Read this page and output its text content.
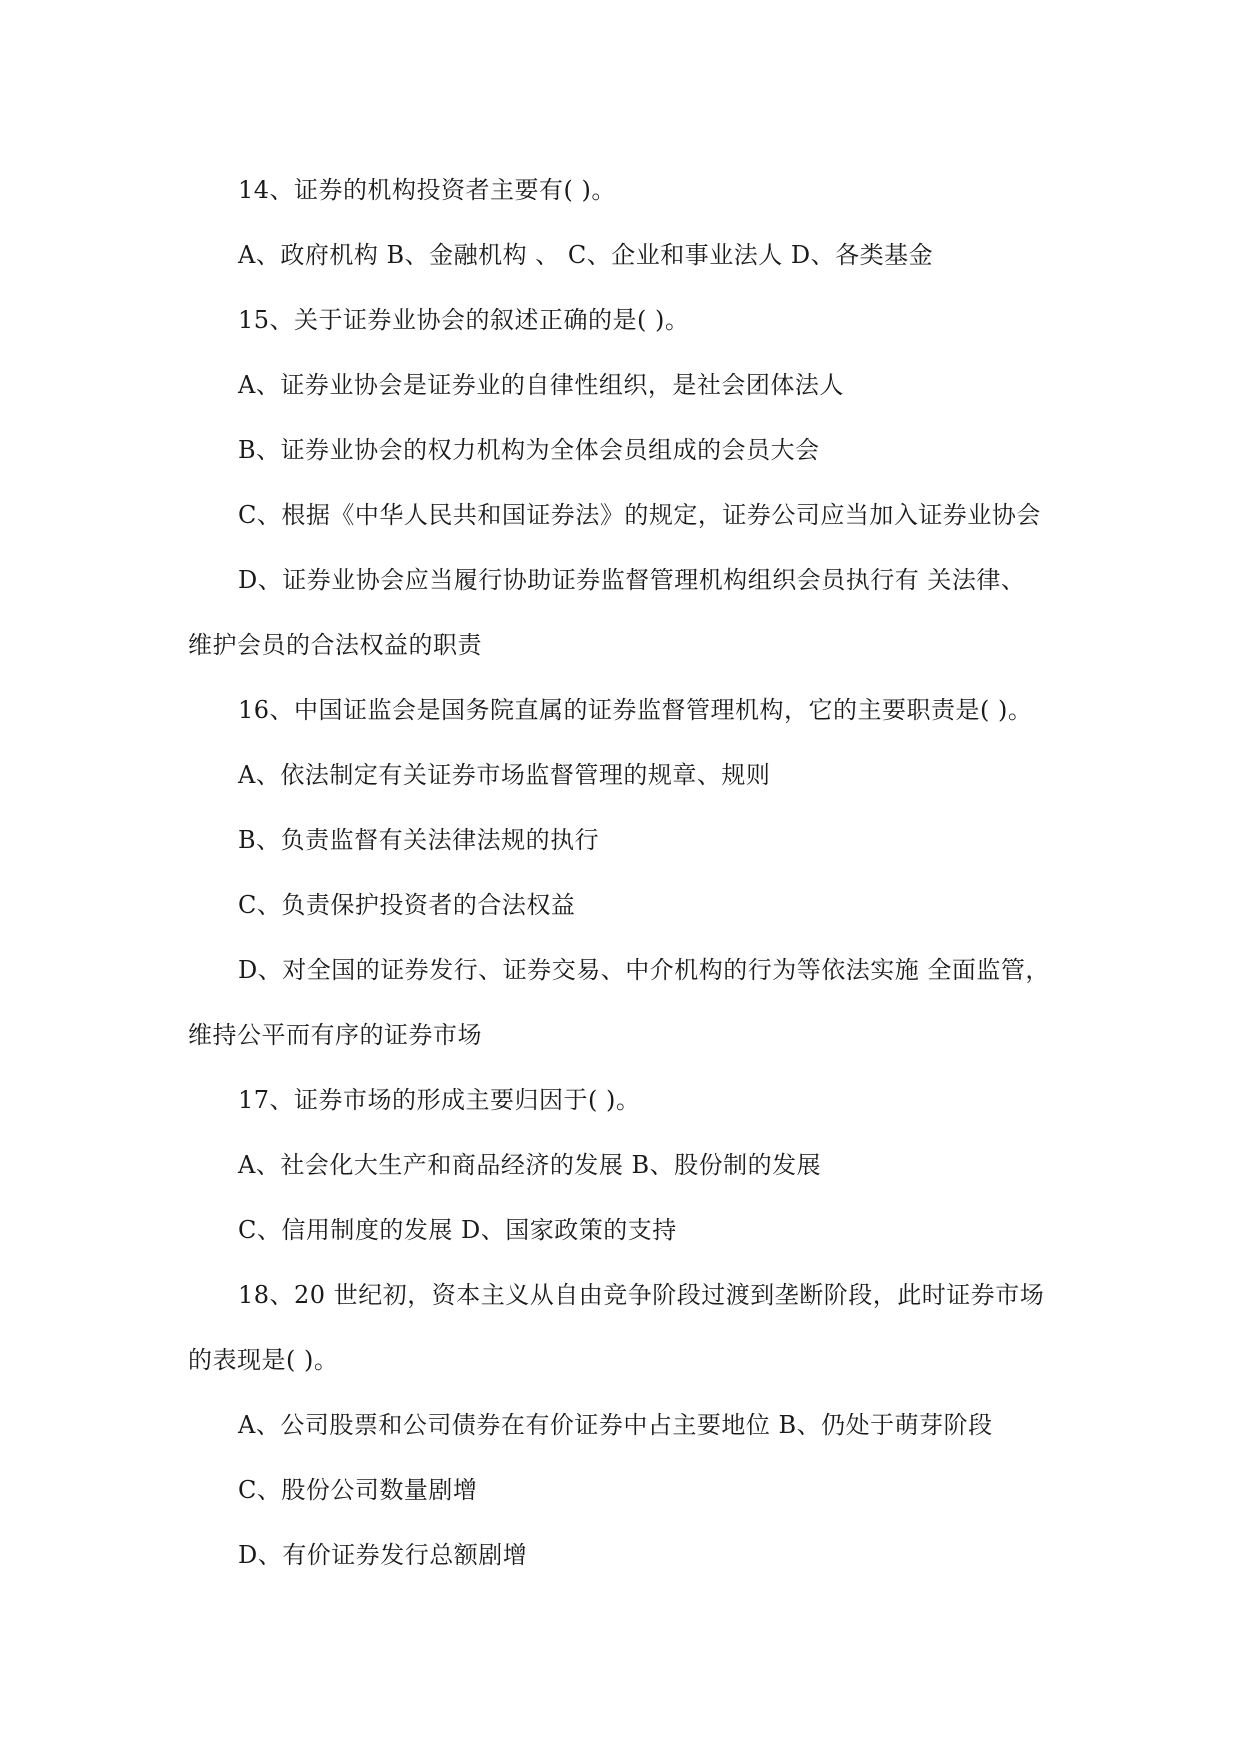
14、证券的机构投资者主要有( )。
A、政府机构 B、金融机构 、 C、企业和事业法人 D、各类基金
15、关于证券业协会的叙述正确的是( )。
A、证券业协会是证券业的自律性组织，是社会团体法人
B、证券业协会的权力机构为全体会员组成的会员大会
C、根据《中华人民共和国证券法》的规定，证券公司应当加入证券业协会
D、证券业协会应当履行协助证券监督管理机构组织会员执行有 关法律、
维护会员的合法权益的职责
16、中国证监会是国务院直属的证券监督管理机构，它的主要职责是( )。
A、依法制定有关证券市场监督管理的规章、规则
B、负责监督有关法律法规的执行
C、负责保护投资者的合法权益
D、对全国的证券发行、证券交易、中介机构的行为等依法实施 全面监管，
维持公平而有序的证券市场
17、证券市场的形成主要归因于( )。
A、社会化大生产和商品经济的发展 B、股份制的发展
C、信用制度的发展 D、国家政策的支持
18、20 世纪初，资本主义从自由竞争阶段过渡到垄断阶段，此时证券市场
的表现是( )。
A、公司股票和公司债券在有价证券中占主要地位 B、仍处于萌芽阶段
C、股份公司数量剧增
D、有价证券发行总额剧增
